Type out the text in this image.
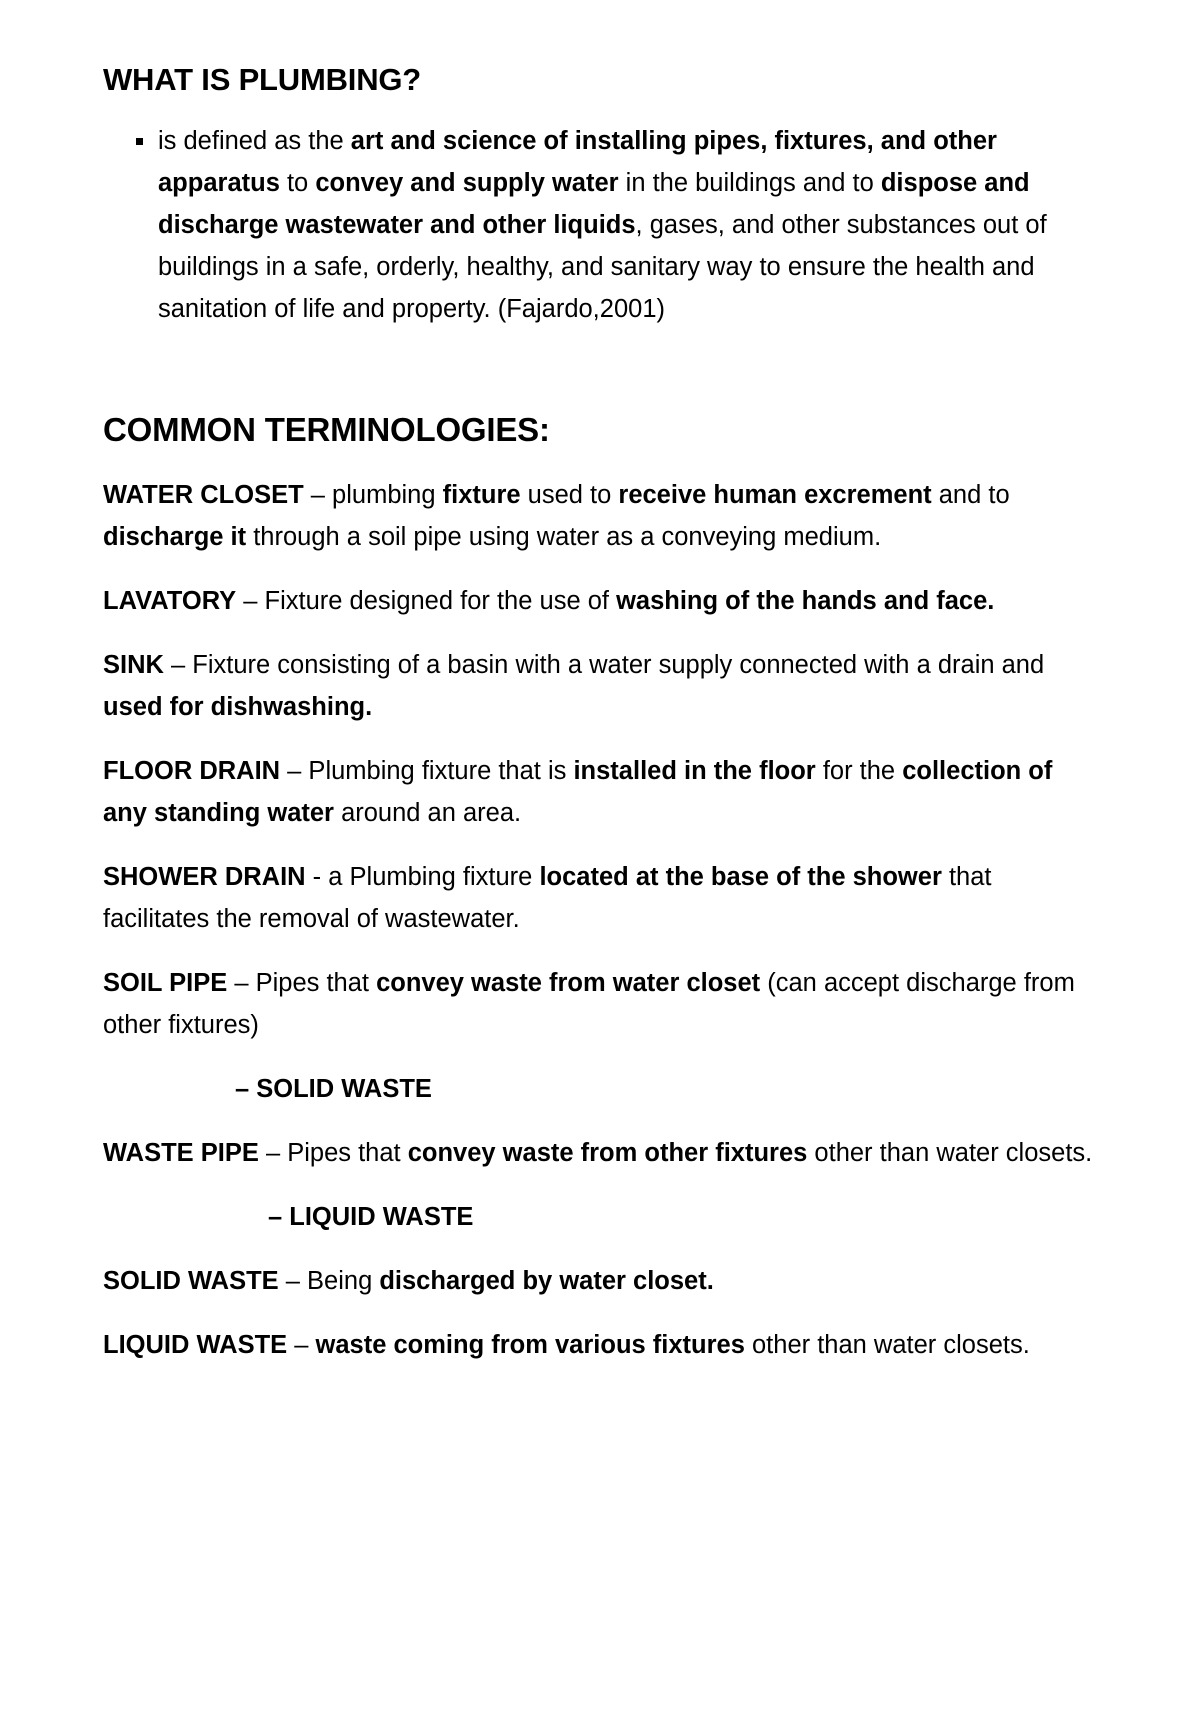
WHAT IS PLUMBING?
is defined as the art and science of installing pipes, fixtures, and other apparatus to convey and supply water in the buildings and to dispose and discharge wastewater and other liquids, gases, and other substances out of buildings in a safe, orderly, healthy, and sanitary way to ensure the health and sanitation of life and property. (Fajardo,2001)
COMMON TERMINOLOGIES:

WATER CLOSET – plumbing fixture used to receive human excrement and to discharge it through a soil pipe using water as a conveying medium.

LAVATORY – Fixture designed for the use of washing of the hands and face.

SINK – Fixture consisting of a basin with a water supply connected with a drain and used for dishwashing.

FLOOR DRAIN – Plumbing fixture that is installed in the floor for the collection of any standing water around an area.

SHOWER DRAIN - a Plumbing fixture located at the base of the shower that facilitates the removal of wastewater.

SOIL PIPE – Pipes that convey waste from water closet (can accept discharge from other fixtures)

– SOLID WASTE

WASTE PIPE – Pipes that convey waste from other fixtures other than water closets.

– LIQUID WASTE

SOLID WASTE – Being discharged by water closet.

LIQUID WASTE – waste coming from various fixtures other than water closets.
